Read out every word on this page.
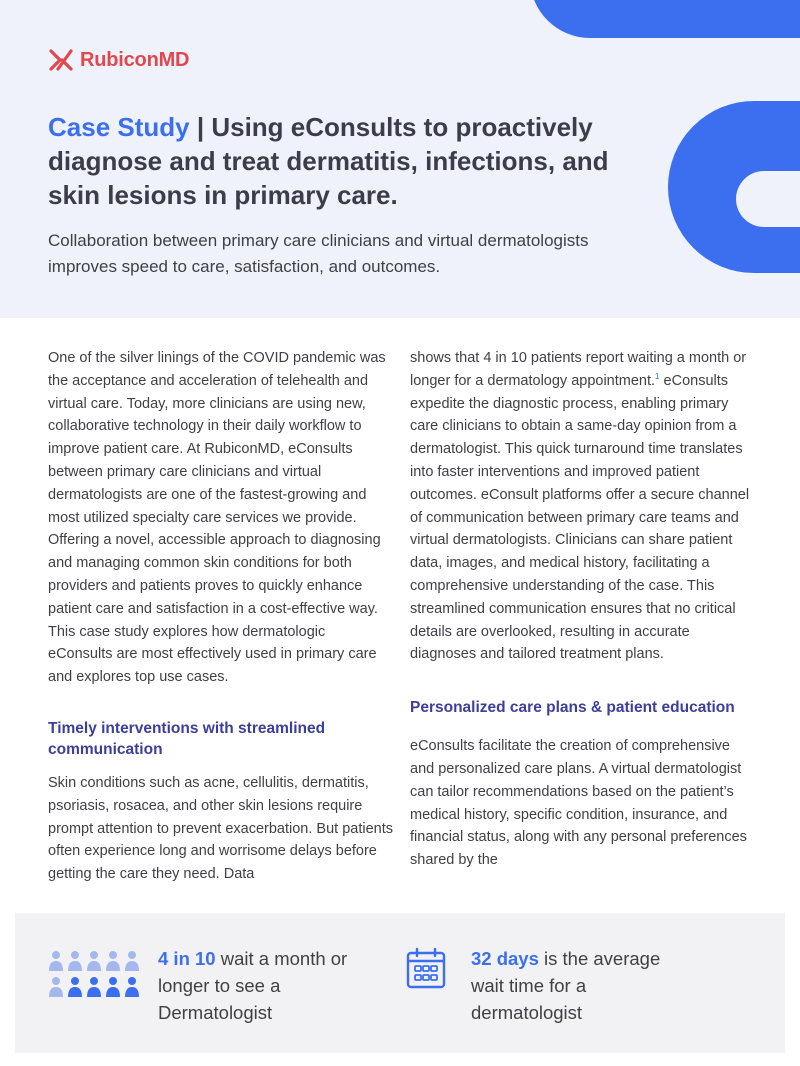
RubiconMD
Case Study | Using eConsults to proactively diagnose and treat dermatitis, infections, and skin lesions in primary care.

Collaboration between primary care clinicians and virtual dermatologists improves speed to care, satisfaction, and outcomes.

One of the silver linings of the COVID pandemic was the acceptance and acceleration of telehealth and virtual care. Today, more clinicians are using new, collaborative technology in their daily workflow to improve patient care. At RubiconMD, eConsults between primary care clinicians and virtual dermatologists are one of the fastest-growing and most utilized specialty care services we provide. Offering a novel, accessible approach to diagnosing and managing common skin conditions for both providers and patients proves to quickly enhance patient care and satisfaction in a cost-effective way. This case study explores how dermatologic eConsults are most effectively used in primary care and explores top use cases.

Timely interventions with streamlined communication

Skin conditions such as acne, cellulitis, dermatitis, psoriasis, rosacea, and other skin lesions require prompt attention to prevent exacerbation. But patients often experience long and worrisome delays before getting the care they need. Data

shows that 4 in 10 patients report waiting a month or longer for a dermatology appointment.$^1$ eConsults expedite the diagnostic process, enabling primary care clinicians to obtain a same-day opinion from a dermatologist. This quick turnaround time translates into faster interventions and improved patient outcomes. eConsult platforms offer a secure channel of communication between primary care teams and virtual dermatologists. Clinicians can share patient data, images, and medical history, facilitating a comprehensive understanding of the case. This streamlined communication ensures that no critical details are overlooked, resulting in accurate diagnoses and tailored treatment plans.

Personalized care plans & patient education

eConsults facilitate the creation of comprehensive and personalized care plans. A virtual dermatologist can tailor recommendations based on the patient’s medical history, specific condition, insurance, and financial status, along with any personal preferences shared by the

4 in 10 wait a month or longer to see a Dermatologist

32 days is the average wait time for a dermatologist
